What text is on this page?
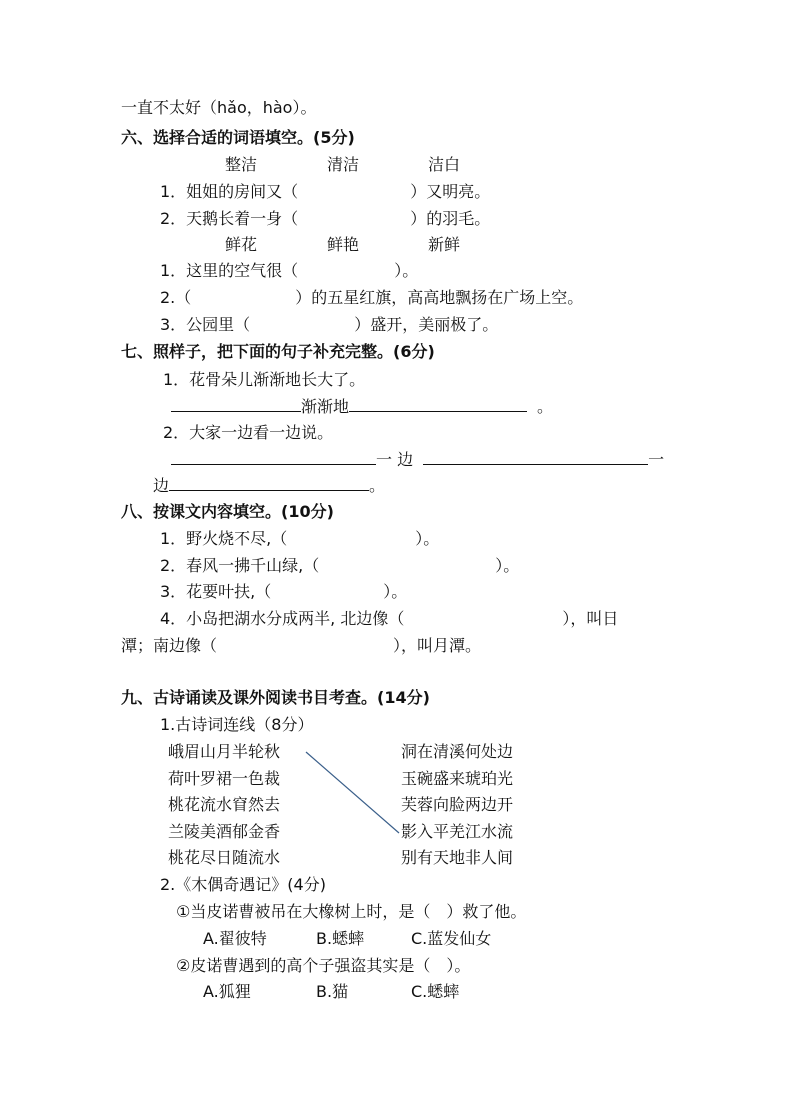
一直不太好（hǎo，hào）。
六、选择合适的词语填空。(5分)
整洁	清洁	洁白
1．姐姐的房间又（	）又明亮。
2．天鹅长着一身（	）的羽毛。
鲜花	鲜艳	新鲜
1．这里的空气很（	）。
2.（	）的五星红旗，高高地飘扬在广场上空。
3．公园里（	）盛开，美丽极了。
七、照样子，把下面的句子补充完整。(6分)
1．花骨朵儿渐渐地长大了。
渐渐地	。
2．大家一边看一边说。
一 边	一
边	。
八、按课文内容填空。(10分)
1．野火烧不尽,（	）。
2．春风一拂千山绿,（	）。
3．花要叶扶,（	）。
4．小岛把湖水分成两半, 北边像（	），叫日
潭；南边像（	），叫月潭。
九、古诗诵读及课外阅读书目考查。(14分)
1.古诗词连线（8分）
峨眉山月半轮秋
荷叶罗裙一色裁
桃花流水窅然去
兰陵美酒郁金香
桃花尽日随流水
洞在清溪何处边
玉碗盛来琥珀光
芙蓉向脸两边开
影入平羌江水流
别有天地非人间
2.《木偶奇遇记》(4分)
①当皮诺曹被吊在大橡树上时，是（　）救了他。
A.翟彼特	B.蟋蟀	C.蓝发仙女
②皮诺曹遇到的高个子强盗其实是（　）。
A.狐狸	B.猫	C.蟋蟀
